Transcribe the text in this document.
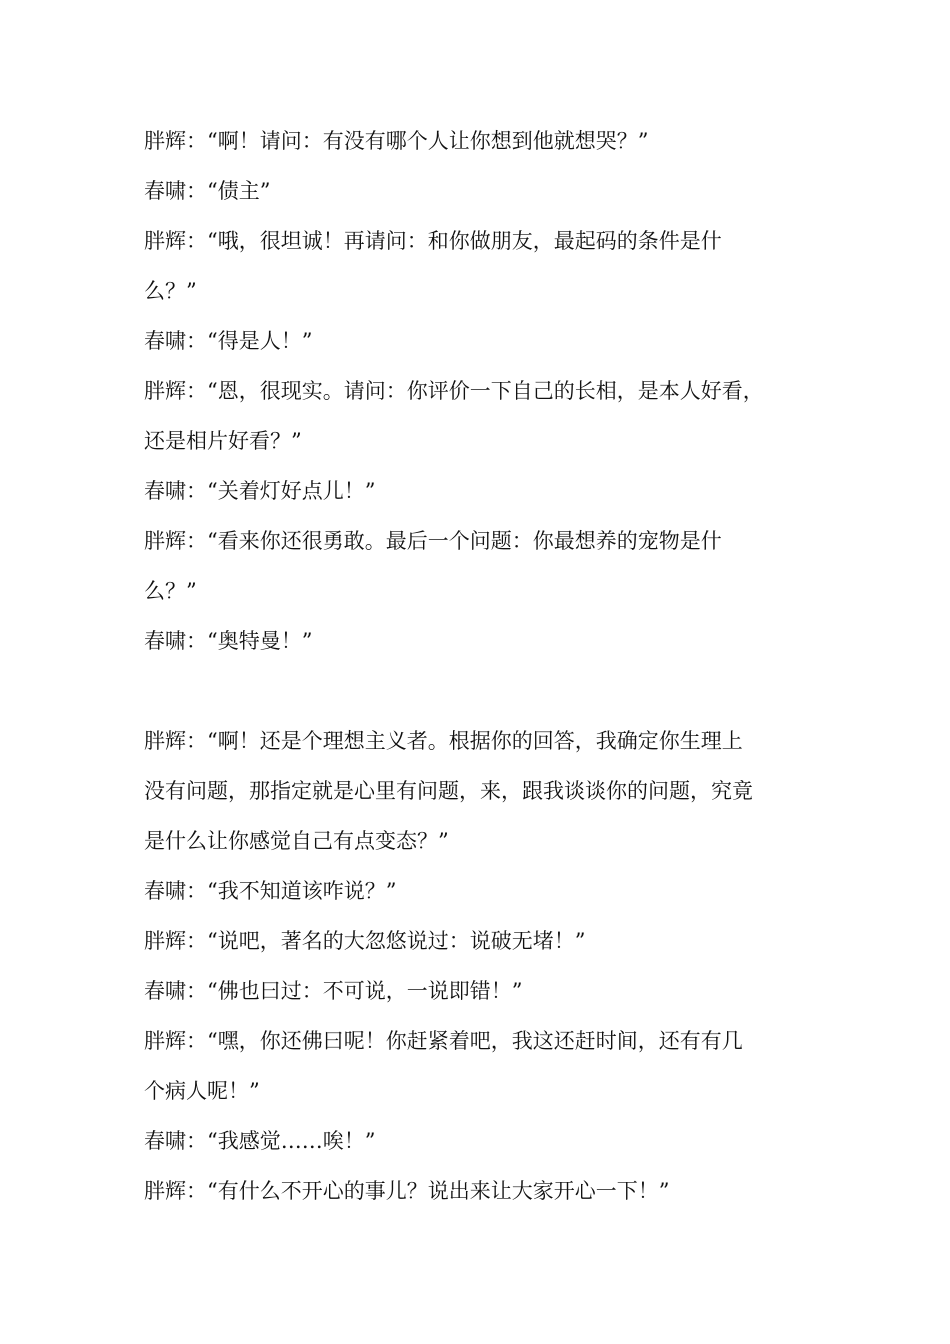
胖辉：“啊！请问：有没有哪个人让你想到他就想哭？”
春啸：“债主”
胖辉：“哦，很坦诚！再请问：和你做朋友，最起码的条件是什
么？”
春啸：“得是人！”
胖辉：“恩，很现实。请问：你评价一下自己的长相，是本人好看，
还是相片好看？”
春啸：“关着灯好点儿！”
胖辉：“看来你还很勇敢。最后一个问题：你最想养的宠物是什
么？”
春啸：“奥特曼！”
胖辉：“啊！还是个理想主义者。根据你的回答，我确定你生理上
没有问题，那指定就是心里有问题，来，跟我谈谈你的问题，究竟
是什么让你感觉自己有点变态？”
春啸：“我不知道该咋说？”
胖辉：“说吧，著名的大忽悠说过：说破无堵！”
春啸：“佛也曰过：不可说，一说即错！”
胖辉：“嘿，你还佛曰呢！你赶紧着吧，我这还赶时间，还有有几
个病人呢！”
春啸：“我感觉……唉！”
胖辉：“有什么不开心的事儿？说出来让大家开心一下！”
